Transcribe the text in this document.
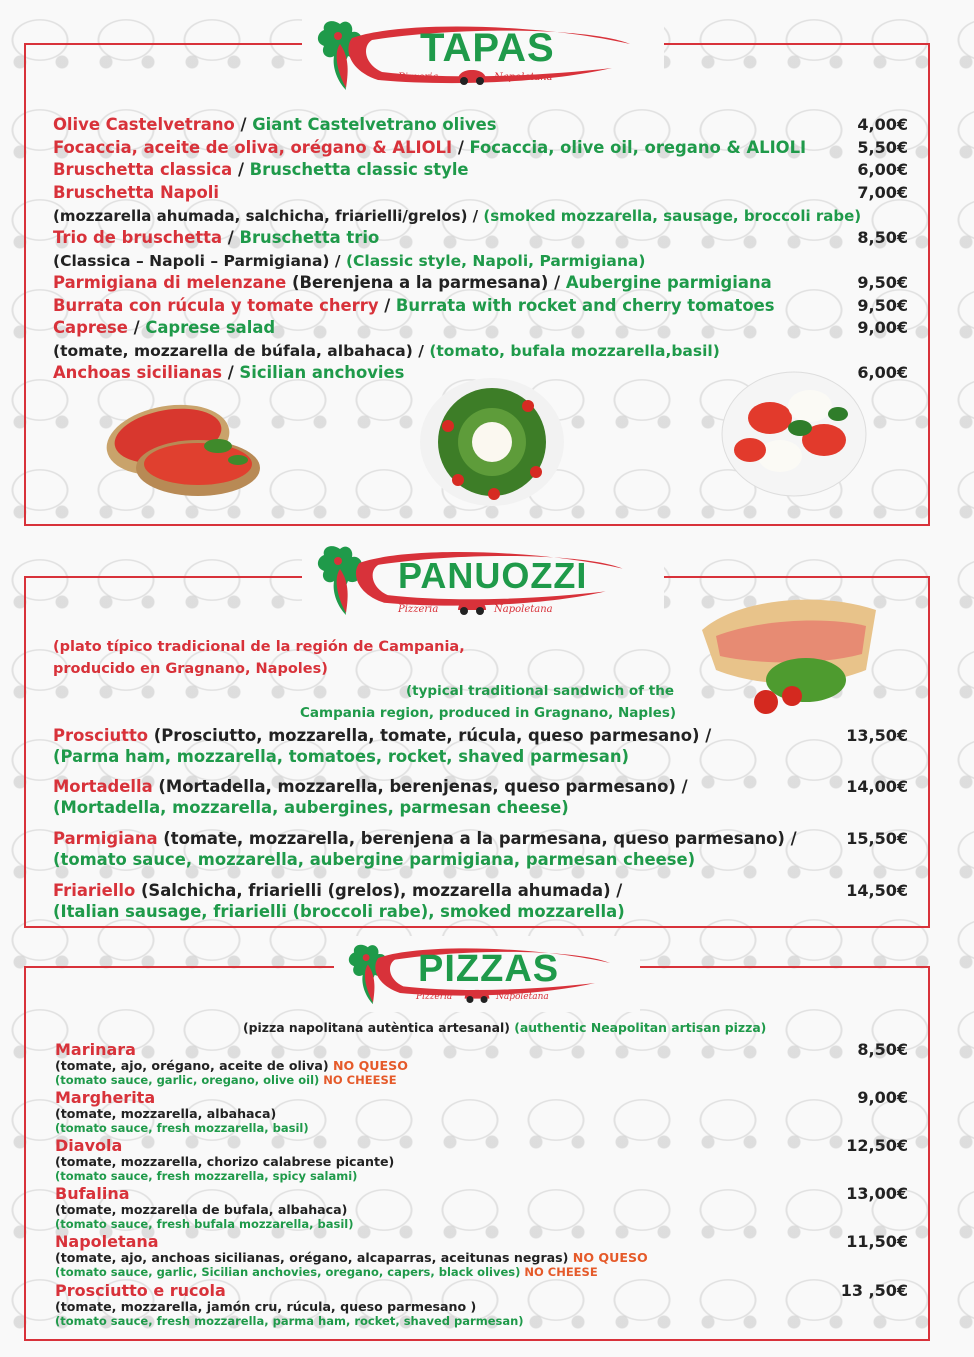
TAPAS
Pizzeria	Napoletana
Olive Castelvetrano / Giant Castelvetrano olives	4,00€
Focaccia, aceite de oliva, orégano & ALIOLI / Focaccia, olive oil, oregano & ALIOLI	5,50€
Bruschetta classica / Bruschetta classic style	6,00€
Bruschetta Napoli	7,00€
(mozzarella ahumada, salchicha, friarielli/grelos) / (smoked mozzarella, sausage, broccoli rabe)
Trio de bruschetta / Bruschetta trio	8,50€
(Classica – Napoli – Parmigiana) / (Classic style, Napoli, Parmigiana)
Parmigiana di melenzane (Berenjena a la parmesana) / Aubergine parmigiana	9,50€
Burrata con rúcula y tomate cherry / Burrata with rocket and cherry tomatoes	9,50€
Caprese / Caprese salad	9,00€
(tomate, mozzarella de búfala, albahaca) / (tomato, bufala mozzarella,basil)
Anchoas sicilianas / Sicilian anchovies	6,00€
PANUOZZI
Pizzeria	Napoletana
(plato típico tradicional de la región de Campania,
producido en Gragnano, Napoles)
(typical traditional sandwich of the
Campania region, produced in Gragnano, Naples)
Prosciutto (Prosciutto, mozzarella, tomate, rúcula, queso parmesano) /
(Parma ham, mozzarella, tomatoes, rocket, shaved parmesan)
13,50€
Mortadella (Mortadella, mozzarella, berenjenas, queso parmesano) /
(Mortadella, mozzarella, aubergines, parmesan cheese)
14,00€
Parmigiana (tomate, mozzarella, berenjena a la parmesana, queso parmesano) /
(tomato sauce, mozzarella, aubergine parmigiana, parmesan cheese)
15,50€
Friariello (Salchicha, friarielli (grelos), mozzarella ahumada) /
(Italian sausage, friarielli (broccoli rabe), smoked mozzarella)
14,50€
PIZZAS
Pizzeria	Napoletana
(pizza napolitana autèntica artesanal) (authentic Neapolitan artisan pizza)
Marinara
(tomate, ajo, orégano, aceite de oliva) NO QUESO
(tomato sauce, garlic, oregano, olive oil) NO CHEESE
8,50€
Margherita
(tomate, mozzarella, albahaca)
(tomato sauce, fresh mozzarella, basil)
9,00€
Diavola
(tomate, mozzarella, chorizo calabrese picante)
(tomato sauce, fresh mozzarella, spicy salami)
12,50€
Bufalina
(tomate, mozzarella de bufala, albahaca)
(tomato sauce, fresh bufala mozzarella, basil)
13,00€
Napoletana
(tomate, ajo, anchoas sicilianas, orégano, alcaparras, aceitunas negras) NO QUESO
(tomato sauce, garlic, Sicilian anchovies, oregano, capers, black olives) NO CHEESE
11,50€
Prosciutto e rucola
(tomate, mozzarella, jamón cru, rúcula, queso parmesano )
(tomato sauce, fresh mozzarella, parma ham, rocket, shaved parmesan)
13 ,50€
